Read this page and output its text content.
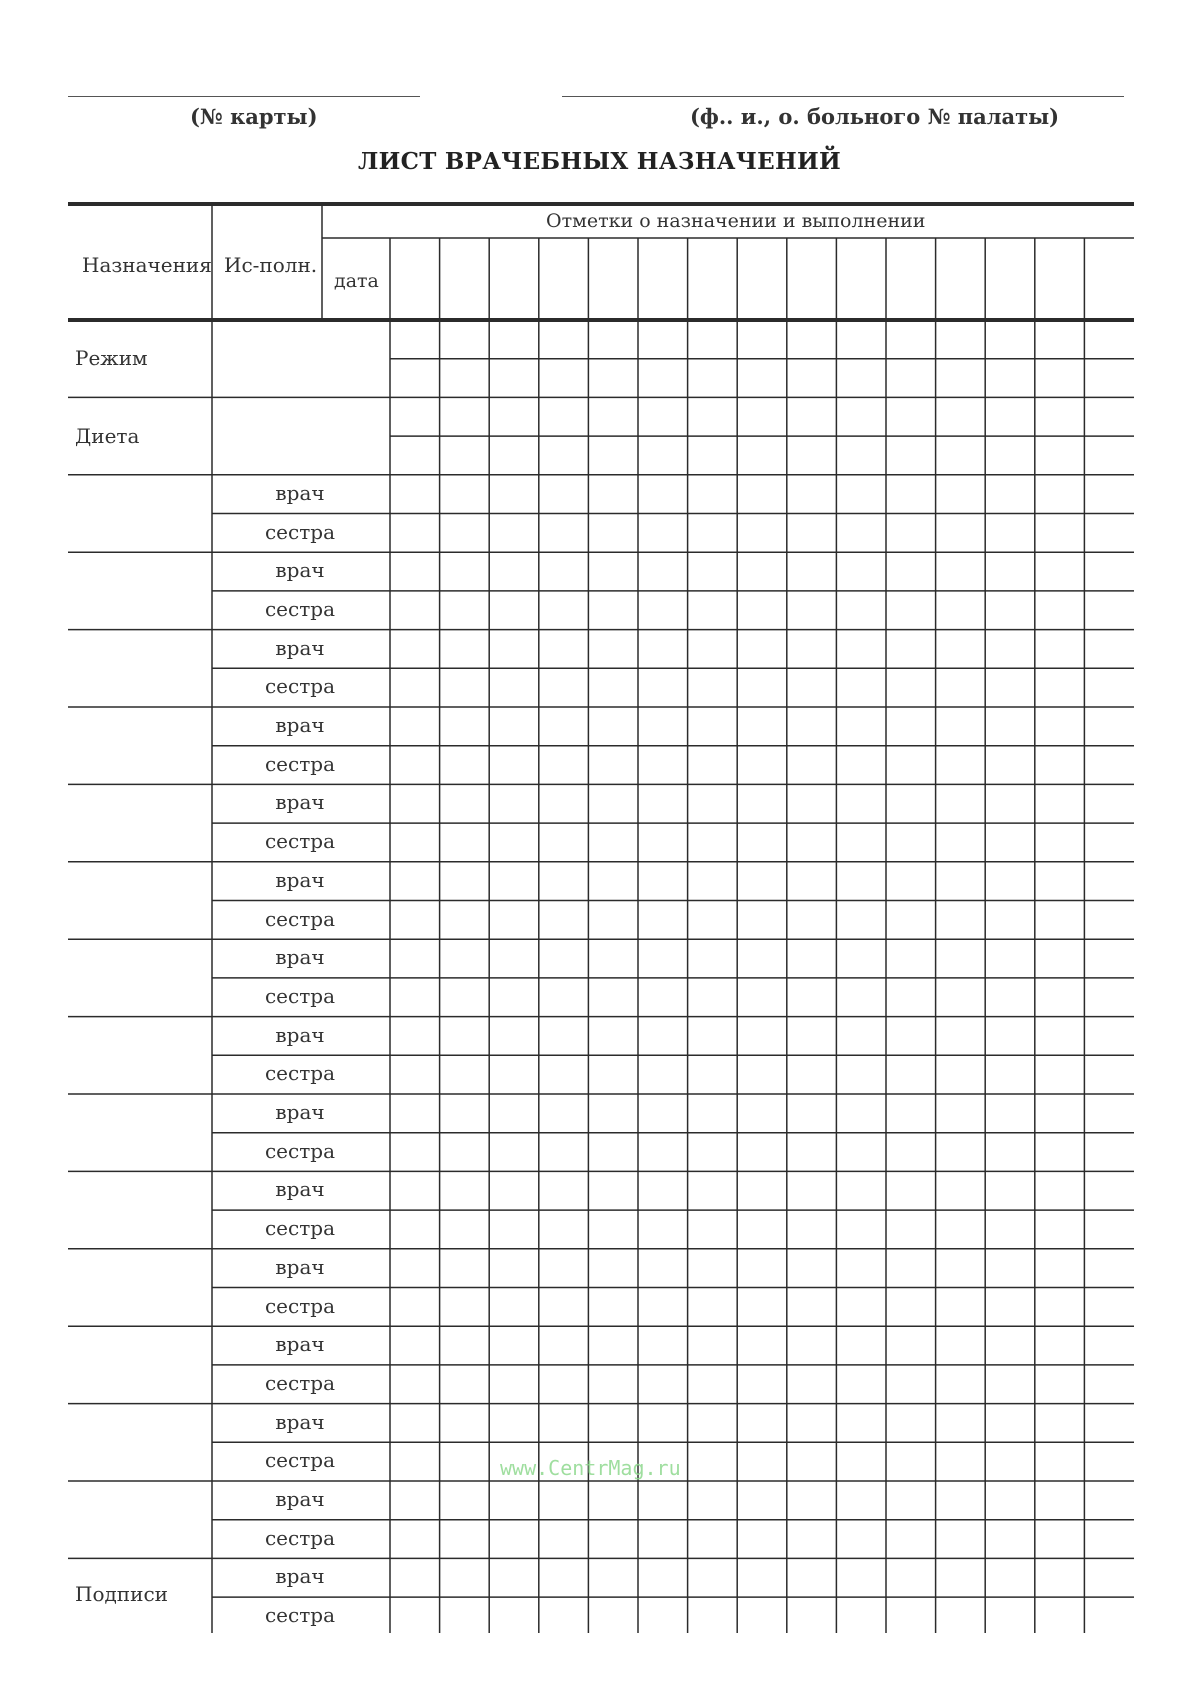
(№ карты)	(ф.. и., о. больного № палаты)
ЛИСТ ВРАЧЕБНЫХ НАЗНАЧЕНИЙ
Назначения Ис-полн.
Отметки о назначении и выполнении
дата
Режим
Диета
Подписи
врач
сестра
врач
сестра
врач
сестра
врач
сестра
врач
сестра
врач
сестра
врач
сестра
врач
сестра
врач
сестра
врач
сестра
врач
сестра
врач
сестра
врач
сестра
врач
сестра
врач
сестра
www.CentrMag.ru
